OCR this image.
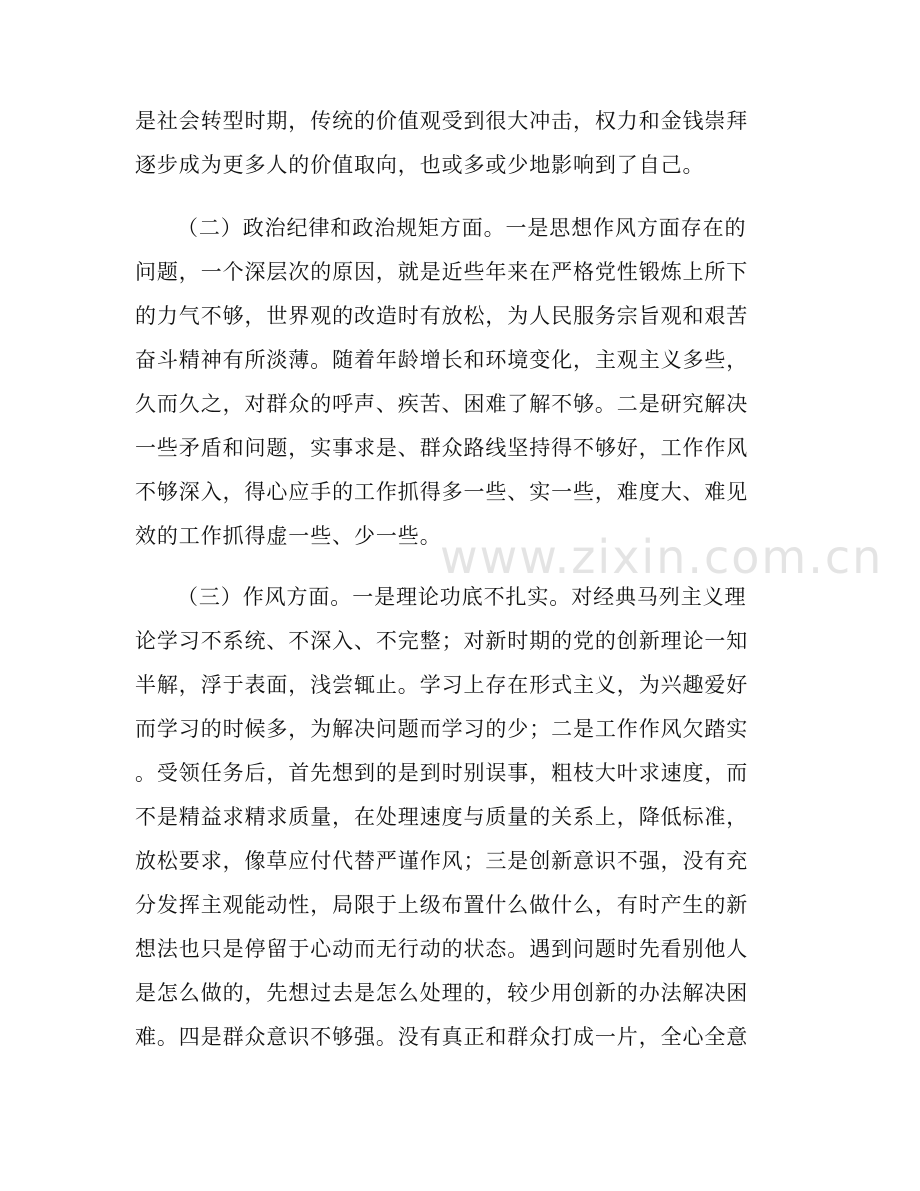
www.zixin.com.cn
是社会转型时期，传统的价值观受到很大冲击，权力和金钱崇拜
逐步成为更多人的价值取向，也或多或少地影响到了自己。
（二）政治纪律和政治规矩方面。一是思想作风方面存在的
问题，一个深层次的原因，就是近些年来在严格党性锻炼上所下
的力气不够，世界观的改造时有放松，为人民服务宗旨观和艰苦
奋斗精神有所淡薄。随着年龄增长和环境变化，主观主义多些，
久而久之，对群众的呼声、疾苦、困难了解不够。二是研究解决
一些矛盾和问题，实事求是、群众路线坚持得不够好，工作作风
不够深入，得心应手的工作抓得多一些、实一些，难度大、难见
效的工作抓得虚一些、少一些。
（三）作风方面。一是理论功底不扎实。对经典马列主义理
论学习不系统、不深入、不完整；对新时期的党的创新理论一知
半解，浮于表面，浅尝辄止。学习上存在形式主义，为兴趣爱好
而学习的时候多，为解决问题而学习的少；二是工作作风欠踏实
。受领任务后，首先想到的是到时别误事，粗枝大叶求速度，而
不是精益求精求质量，在处理速度与质量的关系上，降低标准，
放松要求，像草应付代替严谨作风；三是创新意识不强，没有充
分发挥主观能动性，局限于上级布置什么做什么，有时产生的新
想法也只是停留于心动而无行动的状态。遇到问题时先看别他人
是怎么做的，先想过去是怎么处理的，较少用创新的办法解决困
难。四是群众意识不够强。没有真正和群众打成一片，全心全意
